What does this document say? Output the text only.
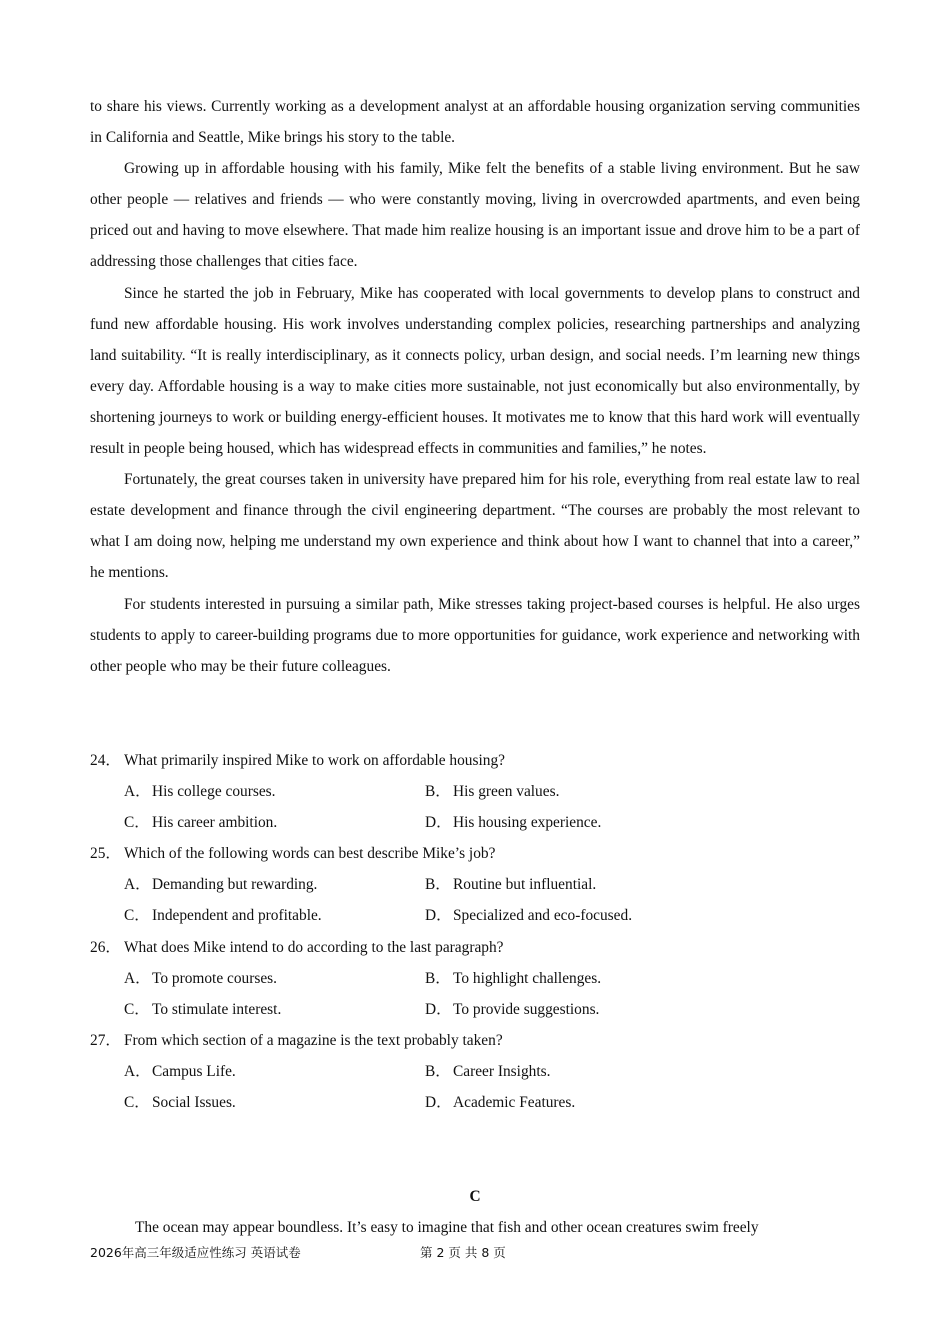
to share his views. Currently working as a development analyst at an affordable housing organization serving communities in California and Seattle, Mike brings his story to the table.

Growing up in affordable housing with his family, Mike felt the benefits of a stable living environment. But he saw other people — relatives and friends — who were constantly moving, living in overcrowded apartments, and even being priced out and having to move elsewhere. That made him realize housing is an important issue and drove him to be a part of addressing those challenges that cities face.

Since he started the job in February, Mike has cooperated with local governments to develop plans to construct and fund new affordable housing. His work involves understanding complex policies, researching partnerships and analyzing land suitability. “It is really interdisciplinary, as it connects policy, urban design, and social needs. I’m learning new things every day. Affordable housing is a way to make cities more sustainable, not just economically but also environmentally, by shortening journeys to work or building energy-efficient houses. It motivates me to know that this hard work will eventually result in people being housed, which has widespread effects in communities and families,” he notes.

Fortunately, the great courses taken in university have prepared him for his role, everything from real estate law to real estate development and finance through the civil engineering department. “The courses are probably the most relevant to what I am doing now, helping me understand my own experience and think about how I want to channel that into a career,” he mentions.

For students interested in pursuing a similar path, Mike stresses taking project-based courses is helpful. He also urges students to apply to career-building programs due to more opportunities for guidance, work experience and networking with other people who may be their future colleagues.

24． What primarily inspired Mike to work on affordable housing?

A．His college courses.	B． His green values.
C． His career ambition.	D．His housing experience.

25． Which of the following words can best describe Mike’s job?

A．Demanding but rewarding.	B． Routine but influential.
C． Independent and profitable.	D．Specialized and eco-focused.

26． What does Mike intend to do according to the last paragraph?

A．To promote courses.	B． To highlight challenges.
C． To stimulate interest.	D．To provide suggestions.

27． From which section of a magazine is the text probably taken?

A．Campus Life.	B． Career Insights.
C． Social Issues.	D．Academic Features.

C

The ocean may appear boundless. It’s easy to imagine that fish and other ocean creatures swim freely

2026年高三年级适应性练习 英语试卷	第 2 页 共 8 页
